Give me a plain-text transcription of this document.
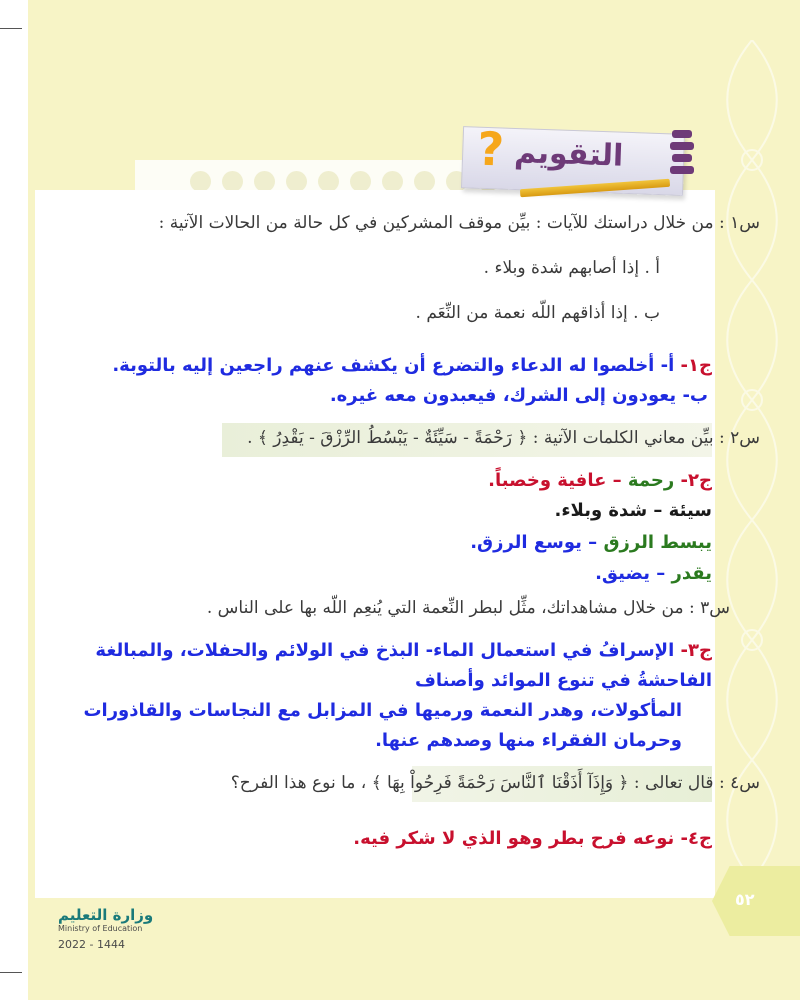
? التقويم
س١ : من خلال دراستك للآيات : بيِّن موقف المشركين في كل حالة من الحالات الآتية :
أ . إذا أصابهم شدة وبلاء .
ب . إذا أذاقهم اللّه نعمة من النِّعَم .
ج١- أ- أخلصوا له الدعاء والتضرع أن يكشف عنهم راجعين إليه بالتوبة.
ب- يعودون إلى الشرك، فيعبدون معه غيره.
س٢ : بيِّن معاني الكلمات الآتية : ﴿ رَحْمَةً - سَيِّئَةٌ - يَبْسُطُ الرِّزْقَ - يَقْدِرُ ﴾ .
ج٢- رحمة – عافية وخصباً.
سيئة – شدة وبلاء.
يبسط الرزق – يوسع الرزق.
يقدر – يضيق.
س٣ : من خلال مشاهداتك، مثِّل لبطر النِّعمة التي يُنعِم اللّه بها على الناس .
ج٣- الإسرافُ في استعمال الماء- البذخ في الولائم والحفلات، والمبالغة
الفاحشةُ في تنوع الموائد وأصناف
المأكولات، وهدر النعمة ورميها في المزابل مع النجاسات والقاذورات
وحرمان الفقراء منها وصدهم عنها.
س٤ : قال تعالى : ﴿ وَإِذَآ أَذَقْنَا ٱلنَّاسَ رَحْمَةً فَرِحُواْ بِهَا ﴾ ، ما نوع هذا الفرح؟
ج٤- نوعه فرح بطر وهو الذي لا شكر فيه.
وزارة التعليم
Ministry of Education
2022 - 1444
٥٢
